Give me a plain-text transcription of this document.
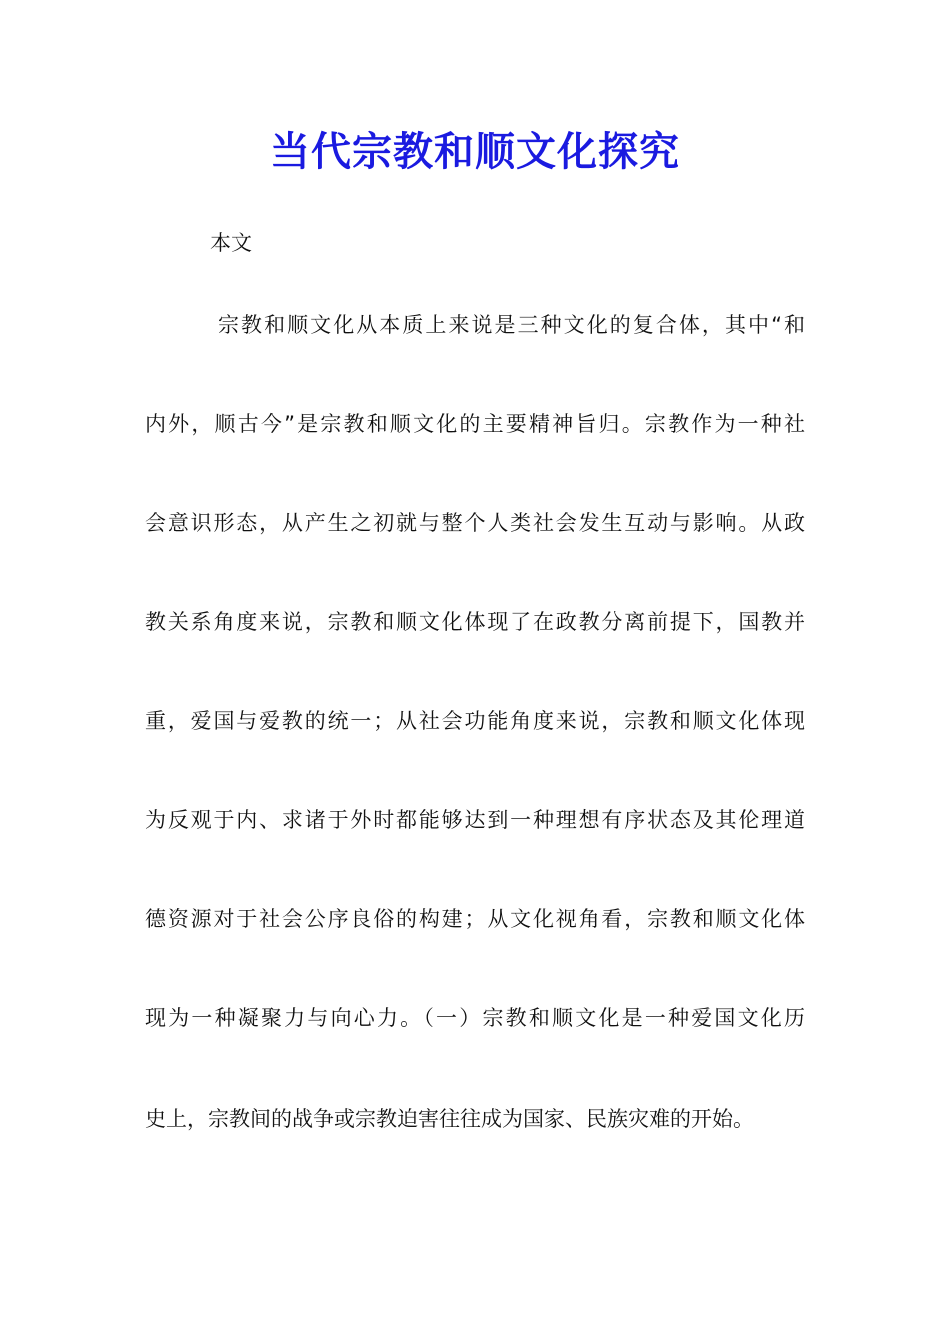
当代宗教和顺文化探究
本文
宗教和顺文化从本质上来说是三种文化的复合体，其中“和
内外，顺古今”是宗教和顺文化的主要精神旨归。宗教作为一种社
会意识形态，从产生之初就与整个人类社会发生互动与影响。从政
教关系角度来说，宗教和顺文化体现了在政教分离前提下，国教并
重，爱国与爱教的统一；从社会功能角度来说，宗教和顺文化体现
为反观于内、求诸于外时都能够达到一种理想有序状态及其伦理道
德资源对于社会公序良俗的构建；从文化视角看，宗教和顺文化体
现为一种凝聚力与向心力。（一）宗教和顺文化是一种爱国文化历
史上，宗教间的战争或宗教迫害往往成为国家、民族灾难的开始。
